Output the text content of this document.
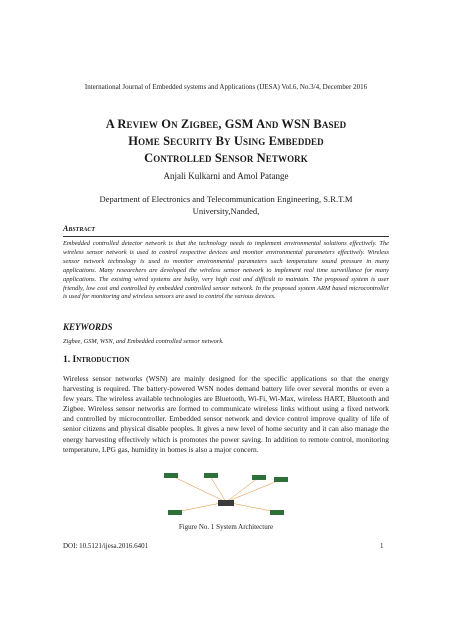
International Journal of Embedded systems and Applications (IJESA) Vol.6, No.3/4, December 2016
A Review On Zigbee, GSM And WSN Based
Home Security By Using Embedded
Controlled Sensor Network
Anjali Kulkarni and Amol Patange
Department of Electronics and Telecommunication Engineering, S.R.T.M
University,Nanded,
Abstract
Embedded controlled detector network is that the technology needs to implement environmental solutions effectively. The wireless sensor network is used to control respective devices and monitor environmental parameters effectively. Wireless sensor network technology is used to monitor environmental parameters such temperature sound pressure in many applications. Many researchers are developed the wireless sensor network to implement real time surveillance for many applications. The existing wired systems are bulky, very high cost and difficult to maintain. The proposed system is user friendly, low cost and controlled by embedded controlled sensor network. In the proposed system ARM based microcontroller is used for monitoring and wireless sensors are used to control the various devices.
KEYWORDS
Zigbee, GSM, WSN, and Embedded controlled sensor network.
1. Introduction
Wireless sensor networks (WSN) are mainly designed for the specific applications so that the energy harvesting is required. The battery-powered WSN nodes demand battery life over several months or even a few years. The wireless available technologies are Bluetooth, Wi-Fi, Wi-Max, wireless HART, Bluetooth and Zigbee. Wireless sensor networks are formed to communicate wireless links without using a fixed network and controlled by microcontroller. Embedded sensor network and device control improve quality of life of senior citizens and physical disable peoples. It gives a new level of home security and it can also manage the energy harvesting effectively which is promotes the power saving. In addition to remote control, monitoring temperature, LPG gas, humidity in homes is also a major concern.
Figure No. 1 System Architecture
DOI: 10.5121/ijesa.2016.6401	1
